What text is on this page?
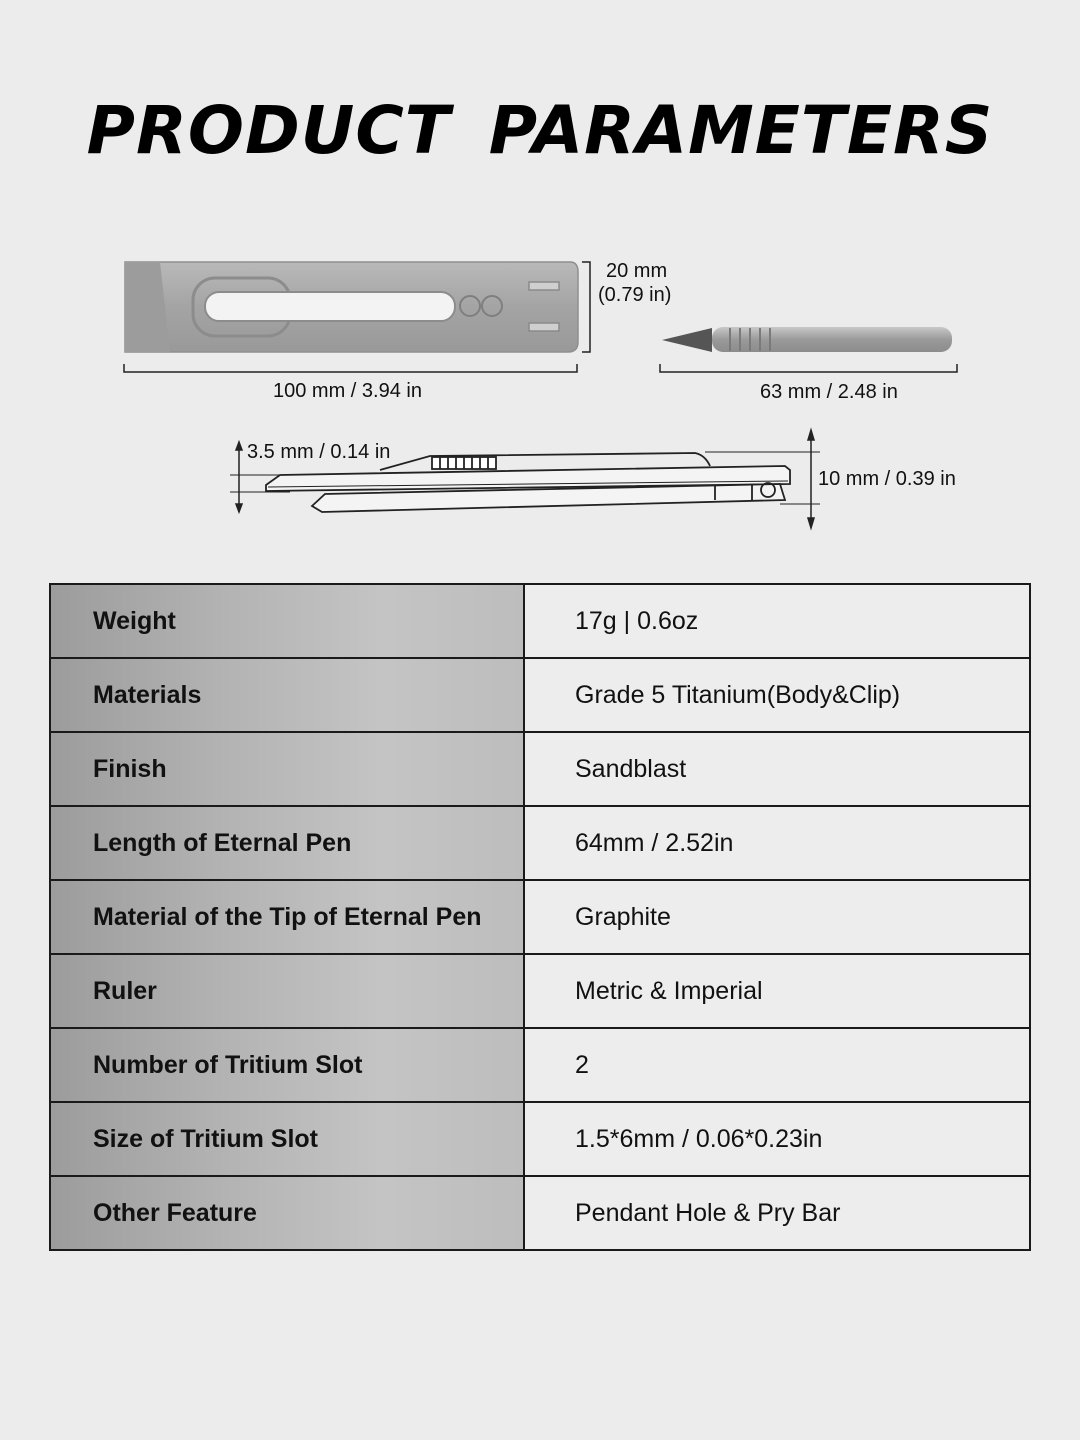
PRODUCT PARAMETERS
20 mm
(0.79 in)
100 mm / 3.94 in	63 mm / 2.48 in
3.5 mm / 0.14 in
10 mm / 0.39 in
Weight	17g | 0.6oz
Materials	Grade 5 Titanium(Body&Clip)
Finish	Sandblast
Length of Eternal Pen	64mm / 2.52in
Material of the Tip of Eternal Pen	Graphite
Ruler	Metric & Imperial
Number of Tritium Slot	2
Size of Tritium Slot	1.5*6mm / 0.06*0.23in
Other Feature	Pendant Hole & Pry Bar
